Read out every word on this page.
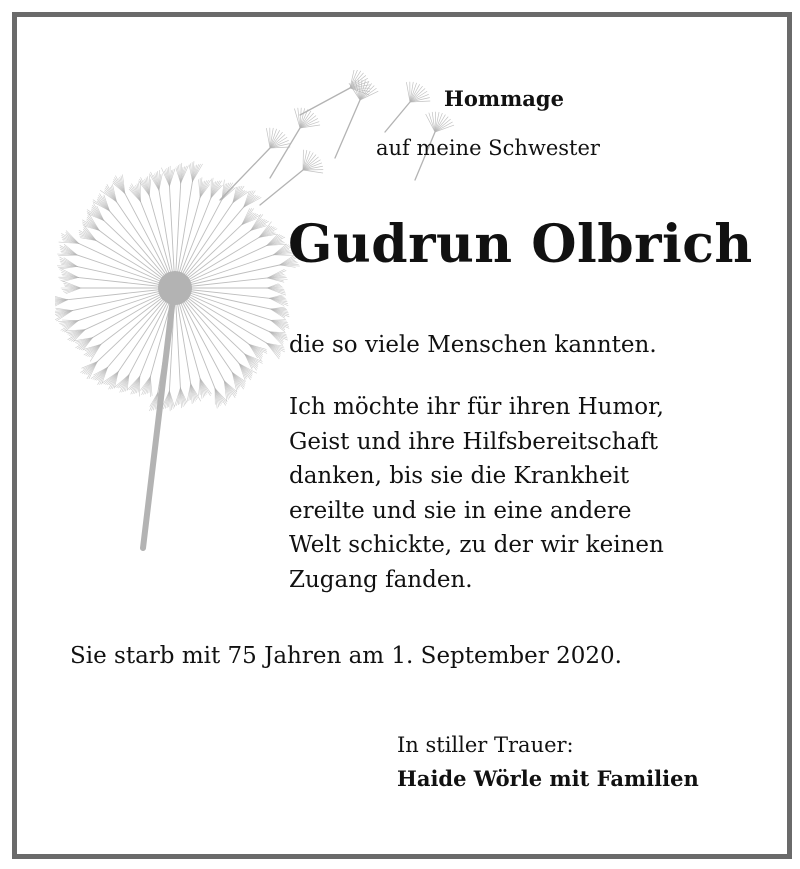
Hommage
auf meine Schwester
Gudrun Olbrich
die so viele Menschen kannten.
Ich möchte ihr für ihren Humor,
Geist und ihre Hilfsbereitschaft
danken, bis sie die Krankheit
ereilte und sie in eine andere
Welt schickte, zu der wir keinen
Zugang fanden.
Sie starb mit 75 Jahren am 1. September 2020.
In stiller Trauer:
Haide Wörle mit Familien
